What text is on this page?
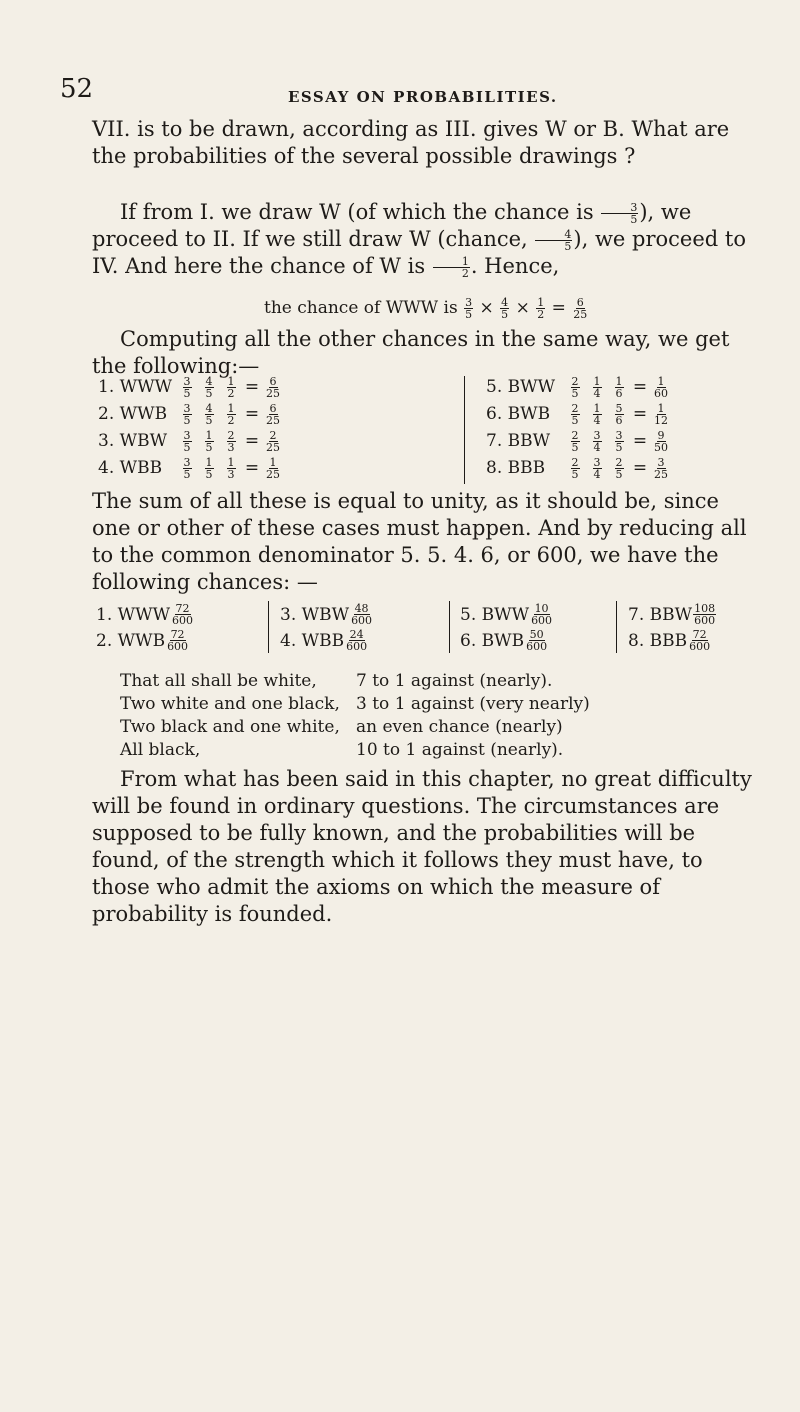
52	ESSAY ON PROBABILITIES.
VII. is to be drawn, according as III. gives W or B. What are the probabilities of the several possible drawings ?
If from I. we draw W (of which the chance is $\frac{3}{5}$ ), we proceed to II. If we still draw W (chance, $\frac{4}{5}$ ), we proceed to IV. And here the chance of W is $\frac{1}{2}$ . Hence,
the chance of WWW is $\frac{3}{5} \times \frac{4}{5} \times \frac{1}{2} = \frac{6}{25}$
Computing all the other chances in the same way, we get the following:—
1. WWW $\frac{3}{5} \frac{4}{5} \frac{1}{2} = \frac{6}{25}$
2. WWB	$\frac{3}{5} \frac{4}{5} \frac{1}{2} = \frac{6}{25}$
3. WBW	$\frac{3}{5} \frac{1}{5} \frac{2}{3} = \frac{2}{25}$
4. WBB	$\frac{3}{5} \frac{1}{5} \frac{1}{3} = \frac{1}{25}$
5. BWW	$\frac{2}{5} \frac{1}{4} \frac{1}{6} = \frac{1}{60}$
6. BWB	$\frac{2}{5} \frac{1}{4} \frac{5}{6} = \frac{1}{12}$
7. BBW	$\frac{2}{5} \frac{3}{4} \frac{3}{5} = \frac{9}{50}$
8. BBB	$\frac{2}{5} \frac{3}{4} \frac{2}{5} = \frac{3}{25}$
The sum of all these is equal to unity, as it should be, since one or other of these cases must happen. And by reducing all to the common denominator 5. 5. 4. 6, or 600, we have the following chances: —
1. WWW $\frac{72}{600}$
2. WWB $\frac{72}{600}$
3. WBW $\frac{48}{600}$
4. WBB $\frac{24}{600}$
5. BWW $\frac{10}{600}$
6. BWB $\frac{50}{600}$
7. BBW $\frac{108}{600}$
8. BBB $\frac{72}{600}$
That all shall be white,	7 to 1 against (nearly).
Two white and one black, 3 to 1 against (very nearly)
Two black and one white, an even chance (nearly)
All black,	10 to 1 against (nearly).
From what has been said in this chapter, no great difficulty will be found in ordinary questions. The circumstances are supposed to be fully known, and the probabilities will be found, of the strength which it follows they must have, to those who admit the axioms on which the measure of probability is founded.
